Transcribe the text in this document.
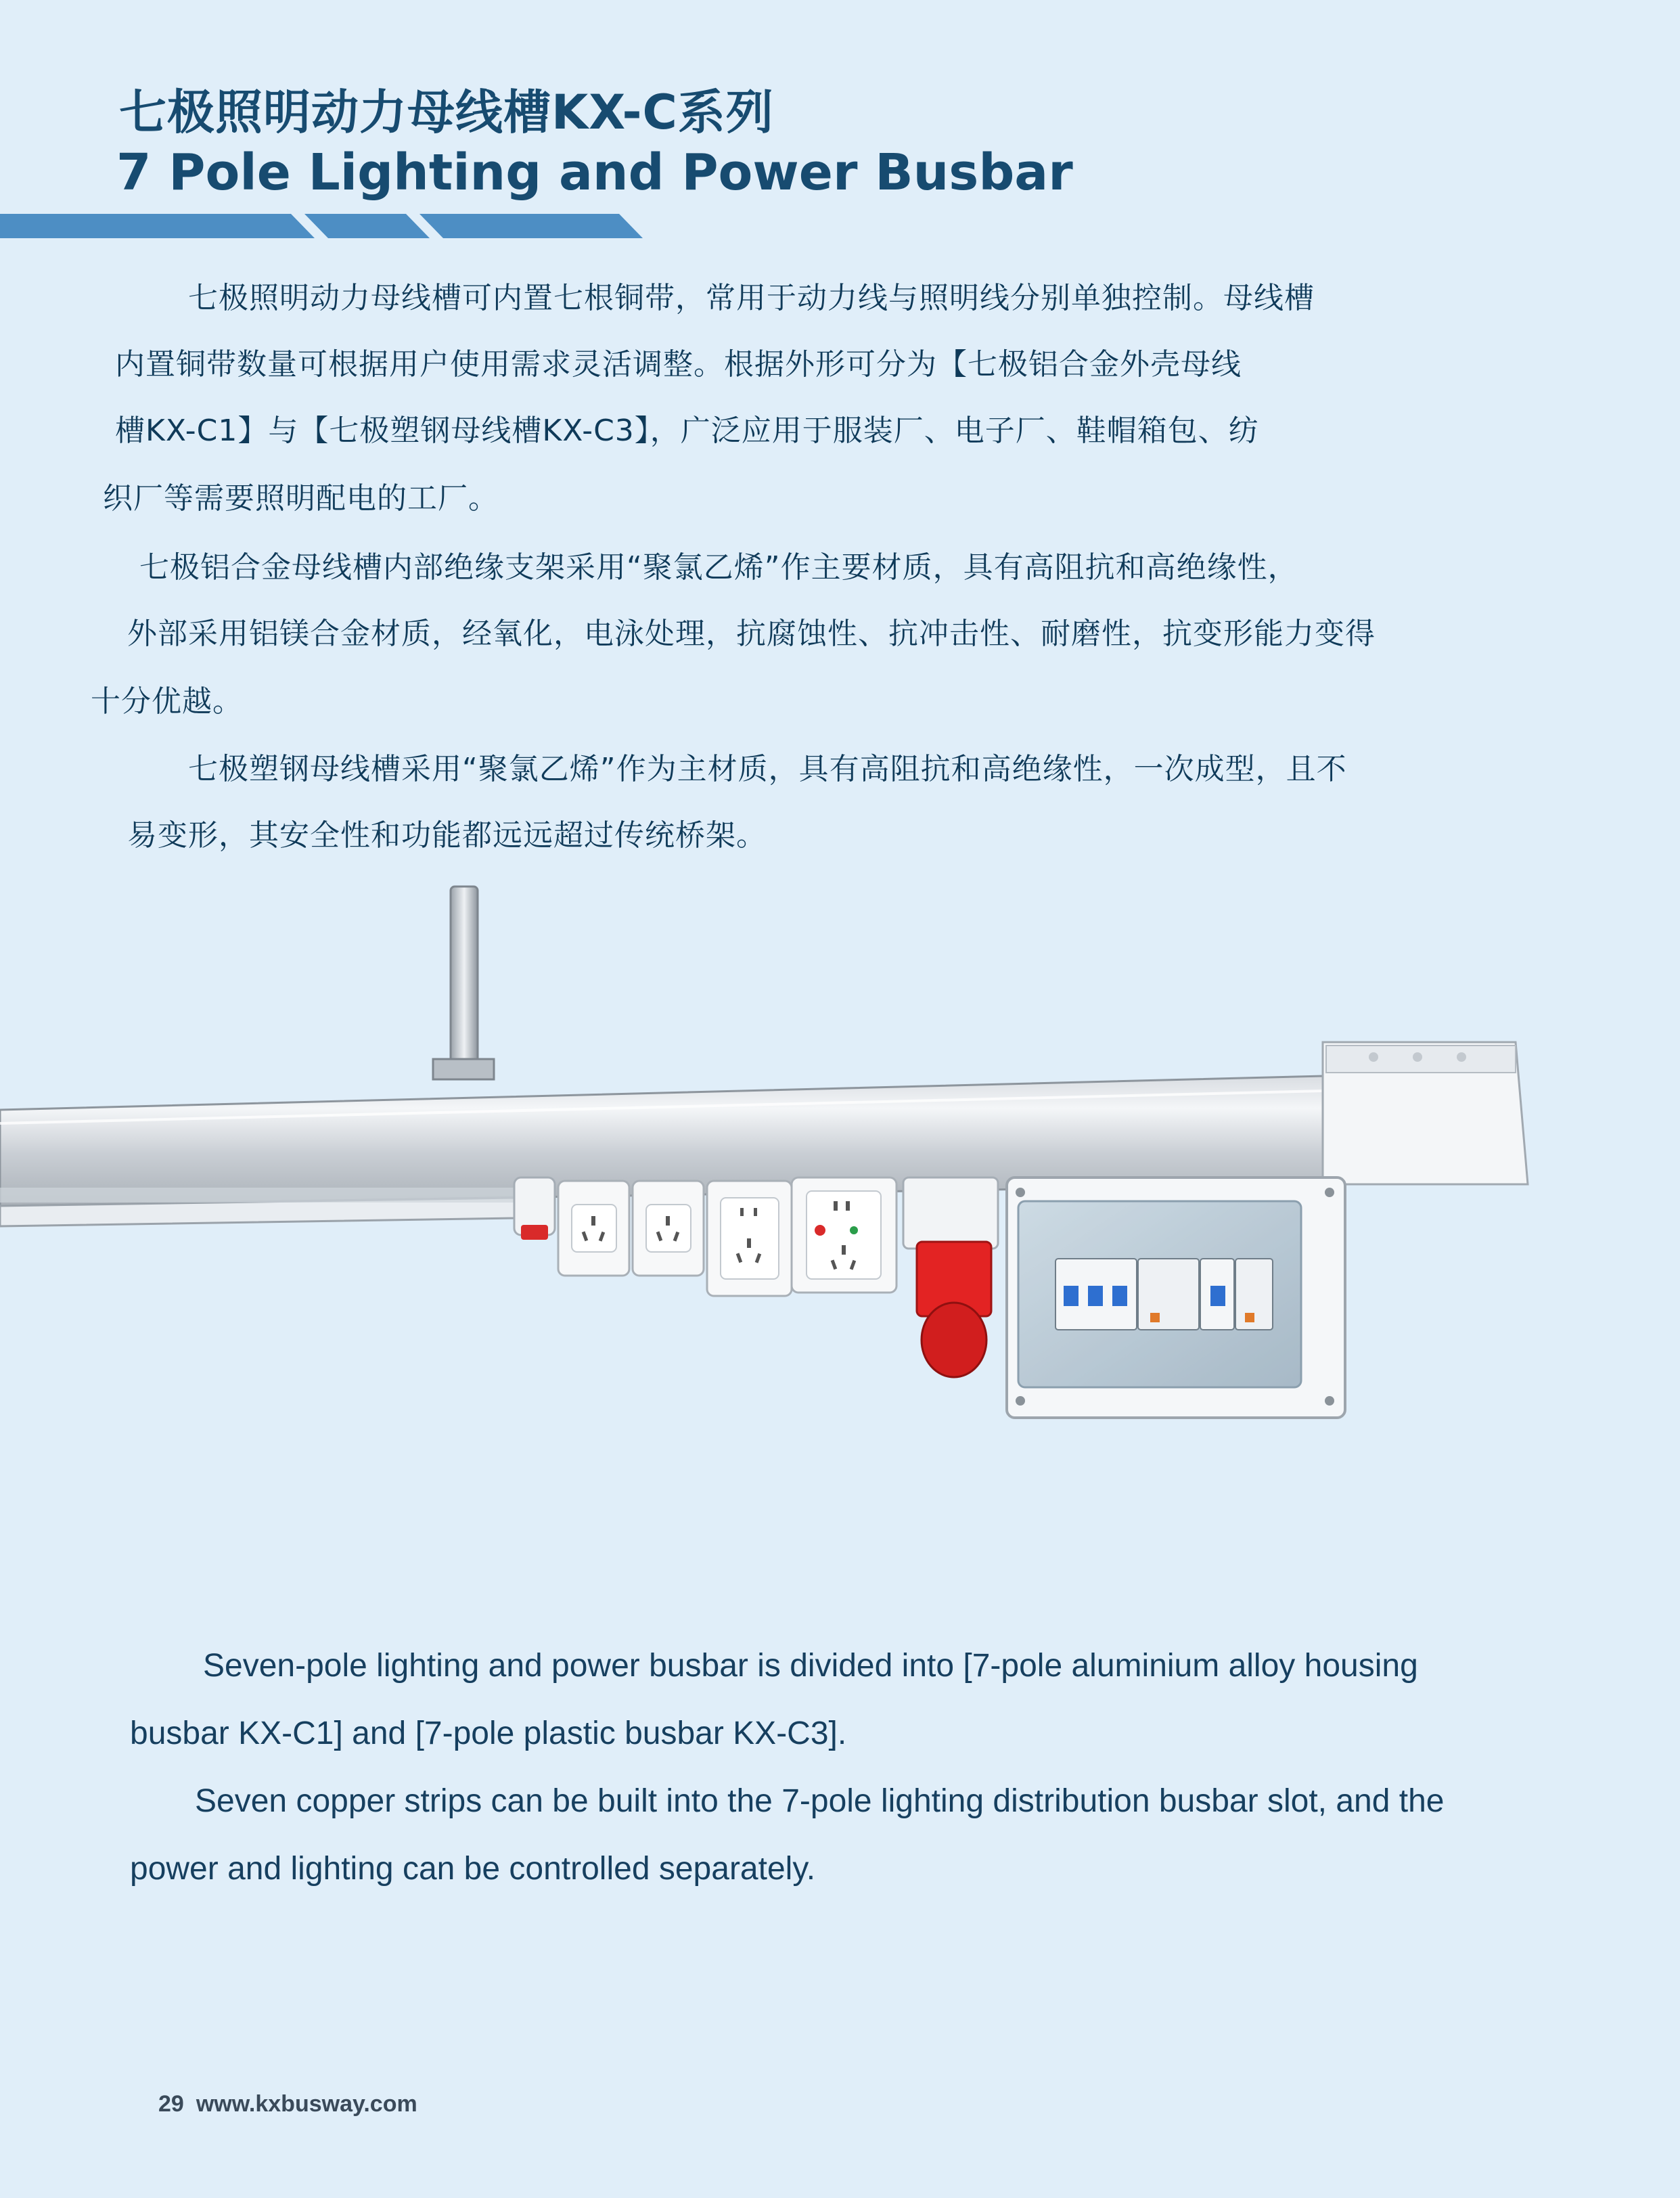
七极照明动力母线槽KX-C系列
7 Pole Lighting and Power Busbar
七极照明动力母线槽可内置七根铜带，常用于动力线与照明线分别单独控制。母线槽
内置铜带数量可根据用户使用需求灵活调整。根据外形可分为【七极铝合金外壳母线
槽KX-C1】与【七极塑钢母线槽KX-C3】，广泛应用于服装厂、电子厂、鞋帽箱包、纺
织厂等需要照明配电的工厂。
七极铝合金母线槽内部绝缘支架采用“聚氯乙烯”作主要材质，具有高阻抗和高绝缘性，
外部采用铝镁合金材质，经氧化，电泳处理，抗腐蚀性、抗冲击性、耐磨性，抗变形能力变得
十分优越。
七极塑钢母线槽采用“聚氯乙烯”作为主材质，具有高阻抗和高绝缘性，一次成型，且不
易变形，其安全性和功能都远远超过传统桥架。
Seven-pole lighting and power busbar is divided into [7-pole aluminium alloy housing
busbar KX-C1] and [7-pole plastic busbar KX-C3].
Seven copper strips can be built into the 7-pole lighting distribution busbar slot, and the
power and lighting can be controlled separately.
29 www.kxbusway.com
